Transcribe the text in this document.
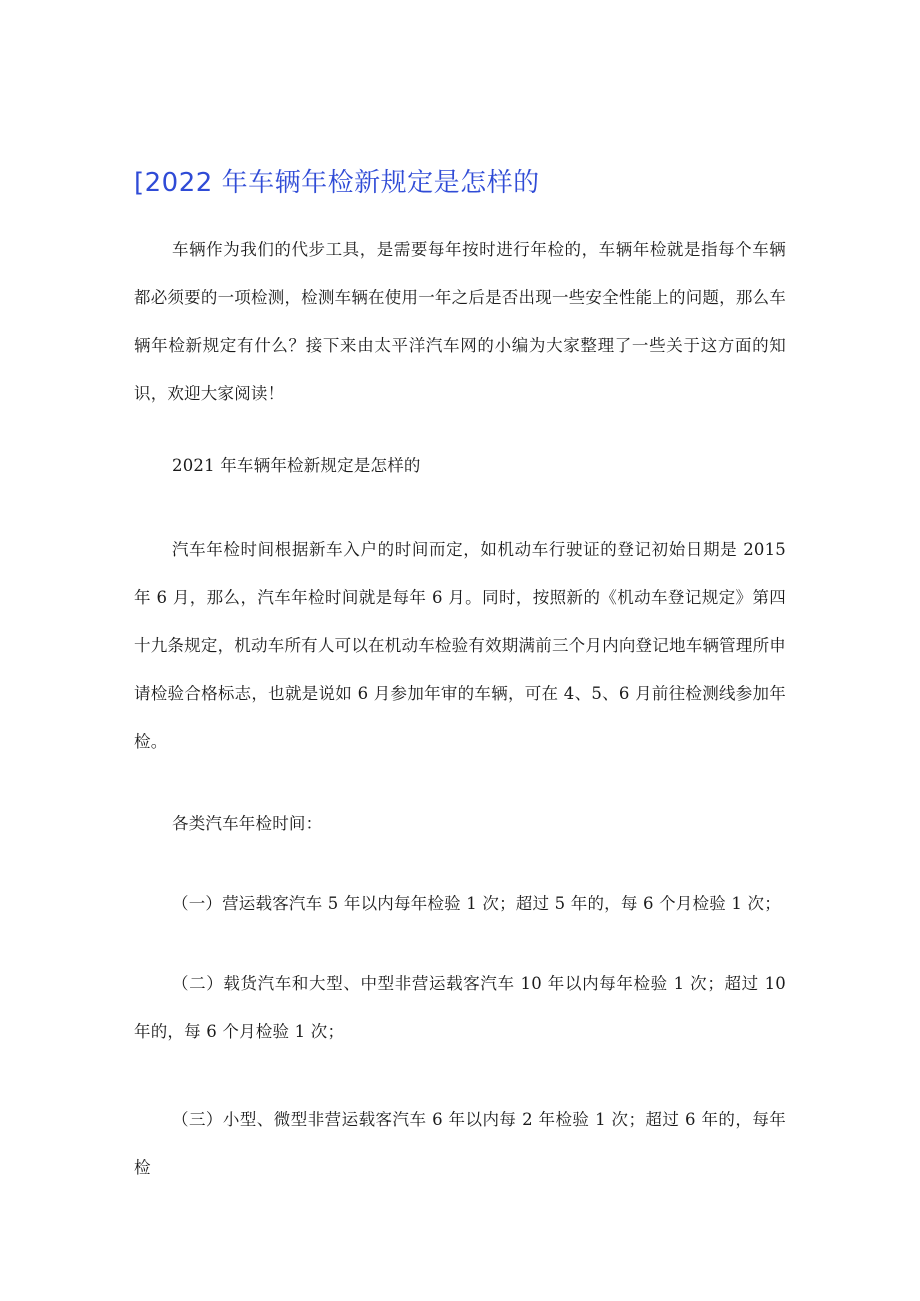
[2022 年车辆年检新规定是怎样的

车辆作为我们的代步工具，是需要每年按时进行年检的，车辆年检就是指每个车辆都必须要的一项检测，检测车辆在使用一年之后是否出现一些安全性能上的问题，那么车辆年检新规定有什么？接下来由太平洋汽车网的小编为大家整理了一些关于这方面的知识，欢迎大家阅读！

2021 年车辆年检新规定是怎样的

汽车年检时间根据新车入户的时间而定，如机动车行驶证的登记初始日期是 2015 年 6 月，那么，汽车年检时间就是每年 6 月。同时，按照新的《机动车登记规定》第四十九条规定，机动车所有人可以在机动车检验有效期满前三个月内向登记地车辆管理所申请检验合格标志，也就是说如 6 月参加年审的车辆，可在 4、5、6 月前往检测线参加年检。

各类汽车年检时间：

（一）营运载客汽车 5 年以内每年检验 1 次；超过 5 年的，每 6 个月检验 1 次；

（二）载货汽车和大型、中型非营运载客汽车 10 年以内每年检验 1 次；超过 10 年的，每 6 个月检验 1 次；

（三）小型、微型非营运载客汽车 6 年以内每 2 年检验 1 次；超过 6 年的，每年检
